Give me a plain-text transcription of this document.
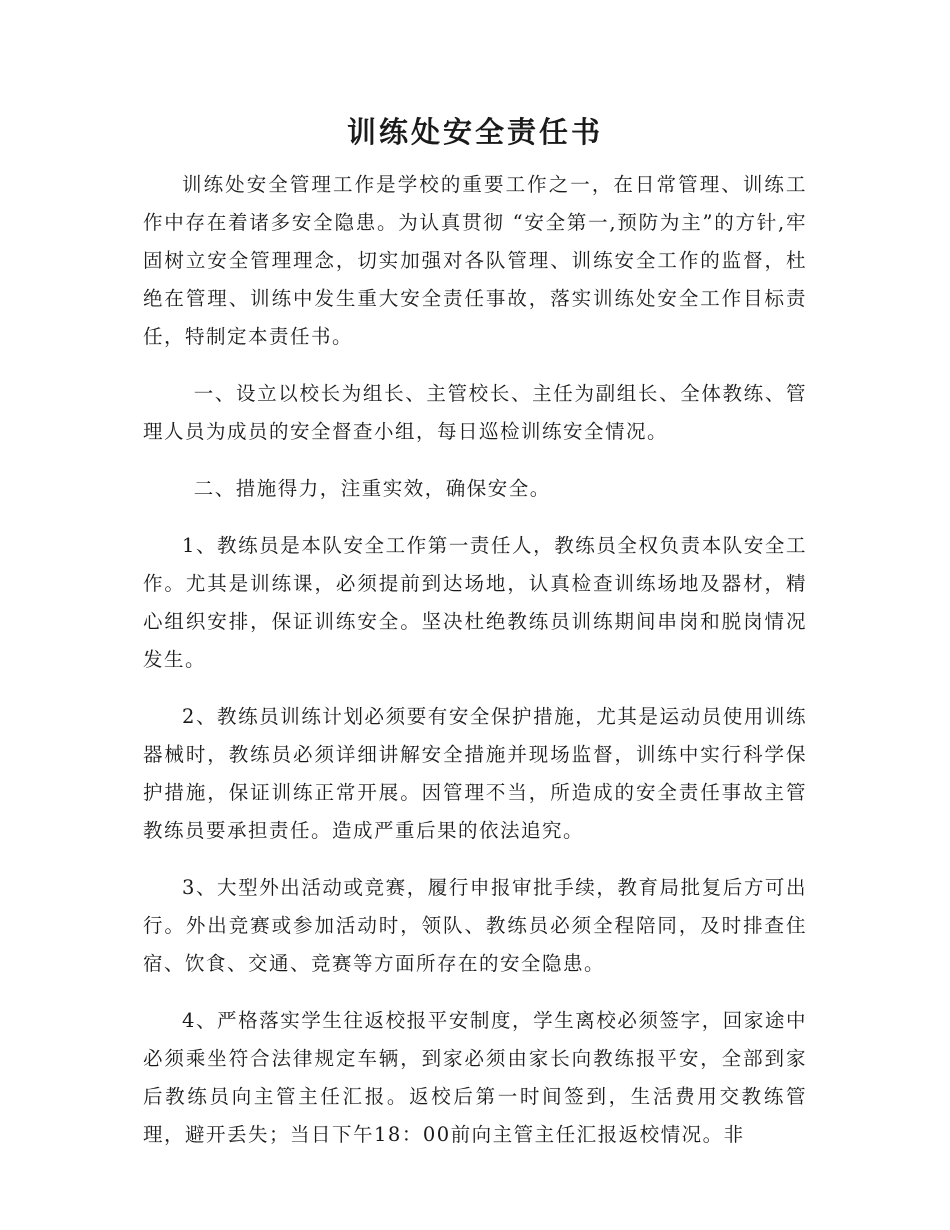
训练处安全责任书

训练处安全管理工作是学校的重要工作之一，在日常管理、训练工作中存在着诸多安全隐患。为认真贯彻 “安全第一,预防为主”的方针,牢固树立安全管理理念，切实加强对各队管理、训练安全工作的监督，杜绝在管理、训练中发生重大安全责任事故，落实训练处安全工作目标责任，特制定本责任书。

一、设立以校长为组长、主管校长、主任为副组长、全体教练、管理人员为成员的安全督查小组，每日巡检训练安全情况。

二、措施得力，注重实效，确保安全。

1、教练员是本队安全工作第一责任人，教练员全权负责本队安全工作。尤其是训练课，必须提前到达场地，认真检查训练场地及器材，精心组织安排，保证训练安全。坚决杜绝教练员训练期间串岗和脱岗情况发生。

2、教练员训练计划必须要有安全保护措施，尤其是运动员使用训练器械时，教练员必须详细讲解安全措施并现场监督，训练中实行科学保护措施，保证训练正常开展。因管理不当，所造成的安全责任事故主管教练员要承担责任。造成严重后果的依法追究。

3、大型外出活动或竞赛，履行申报审批手续，教育局批复后方可出行。外出竞赛或参加活动时，领队、教练员必须全程陪同，及时排查住宿、饮食、交通、竞赛等方面所存在的安全隐患。

4、严格落实学生往返校报平安制度，学生离校必须签字，回家途中必须乘坐符合法律规定车辆，到家必须由家长向教练报平安，全部到家后教练员向主管主任汇报。返校后第一时间签到，生活费用交教练管理，避开丢失；当日下午18：00前向主管主任汇报返校情况。非
